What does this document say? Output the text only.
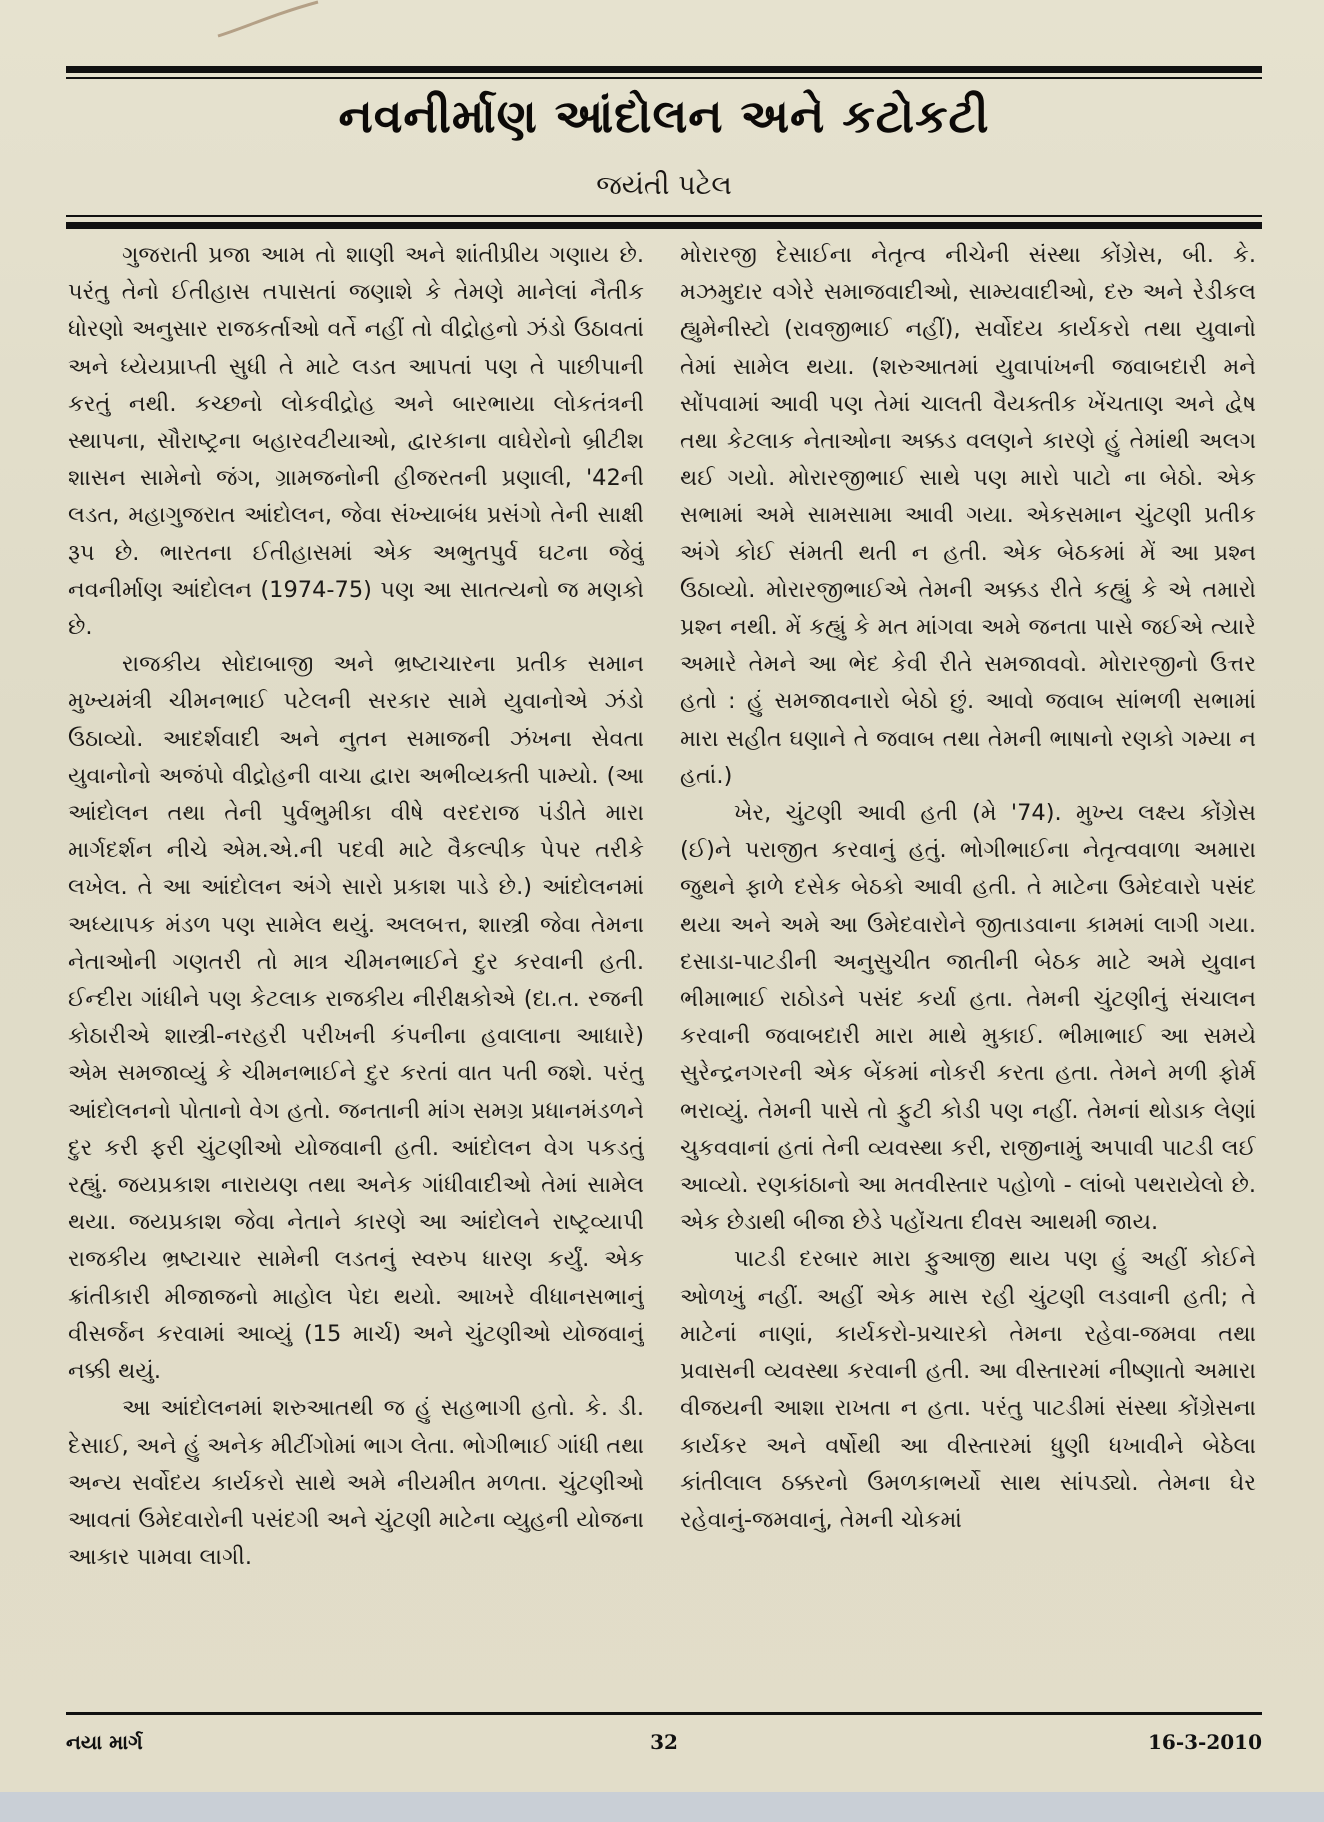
નવનીર્માણ આંદોલન અને કટોકટી
જયંતી પટેલ

ગુજરાતી પ્રજા આમ તો શાણી અને શાંતીપ્રીય ગણાય છે. પરંતુ તેનો ઈતીહાસ તપાસતાં જણાશે કે તેમણે માનેલાં નૈતીક ધોરણો અનુસાર રાજકર્તાઓ વર્તે નહીં તો વીદ્રોહનો ઝંડો ઉઠાવતાં અને ધ્યેયપ્રાપ્તી સુધી તે માટે લડત આપતાં પણ તે પાછીપાની કરતું નથી. કચ્છનો લોકવીદ્રોહ અને બારભાયા લોકતંત્રની સ્થાપના, સૌરાષ્ટ્રના બહારવટીયાઓ, દ્વારકાના વાઘેરોનો બ્રીટીશ શાસન સામેનો જંગ, ગ્રામજનોની હીજરતની પ્રણાલી, '42ની લડત, મહાગુજરાત આંદોલન, જેવા સંખ્યાબંધ પ્રસંગો તેની સાક્ષી રૂપ છે. ભારતના ઈતીહાસમાં એક અભુતપુર્વ ઘટના જેવું નવનીર્માણ આંદોલન (1974-75) પણ આ સાતત્યનો જ મણકો છે.

રાજકીય સોદાબાજી અને ભ્રષ્ટાચારના પ્રતીક સમાન મુખ્યમંત્રી ચીમનભાઈ પટેલની સરકાર સામે યુવાનોએ ઝંડો ઉઠાવ્યો. આદર્શવાદી અને નુતન સમાજની ઝંખના સેવતા યુવાનોનો અજંપો વીદ્રોહની વાચા દ્વારા અભીવ્યક્તી પામ્યો. (આ આંદોલન તથા તેની પુર્વભુમીકા વીષે વરદરાજ પંડીતે મારા માર્ગદર્શન નીચે એમ.એ.ની પદવી માટે વૈકલ્પીક પેપર તરીકે લખેલ. તે આ આંદોલન અંગે સારો પ્રકાશ પાડે છે.) આંદોલનમાં અધ્યાપક મંડળ પણ સામેલ થયું. અલબત્ત, શાસ્ત્રી જેવા તેમના નેતાઓની ગણતરી તો માત્ર ચીમનભાઈને દુર કરવાની હતી. ઈન્દીરા ગાંધીને પણ કેટલાક રાજકીય નીરીક્ષકોએ (દા.ત. રજની કોઠારીએ શાસ્ત્રી-નરહરી પરીખની કંપનીના હવાલાના આધારે) એમ સમજાવ્યું કે ચીમનભાઈને દુર કરતાં વાત પતી જશે. પરંતુ આંદોલનનો પોતાનો વેગ હતો. જનતાની માંગ સમગ્ર પ્રધાનમંડળને દુર કરી ફરી ચુંટણીઓ યોજવાની હતી. આંદોલન વેગ પકડતું રહ્યું. જયપ્રકાશ નારાયણ તથા અનેક ગાંધીવાદીઓ તેમાં સામેલ થયા. જયપ્રકાશ જેવા નેતાને કારણે આ આંદોલને રાષ્ટ્રવ્યાપી રાજકીય ભ્રષ્ટાચાર સામેની લડતનું સ્વરુપ ધારણ કર્યું. એક ક્રાંતીકારી મીજાજનો માહોલ પેદા થયો. આખરે વીધાનસભાનું વીસર્જન કરવામાં આવ્યું (15 માર્ચ) અને ચુંટણીઓ યોજવાનું નક્કી થયું.

આ આંદોલનમાં શરુઆતથી જ હું સહભાગી હતો. કે. ડી. દેસાઈ, અને હું અનેક મીટીંગોમાં ભાગ લેતા. ભોગીભાઈ ગાંધી તથા અન્ય સર્વોદય કાર્યકરો સાથે અમે નીયમીત મળતા. ચુંટણીઓ આવતાં ઉમેદવારોની પસંદગી અને ચુંટણી માટેના વ્યુહની યોજના આકાર પામવા લાગી.

મોરારજી દેસાઈના નેતૃત્વ નીચેની સંસ્થા કોંગ્રેસ, બી. કે. મઝમુદાર વગેરે સમાજવાદીઓ, સામ્યવાદીઓ, દરુ અને રેડીકલ હ્યુમેનીસ્ટો (રાવજીભાઈ નહીં), સર્વોદય કાર્યકરો તથા યુવાનો તેમાં સામેલ થયા. (શરુઆતમાં યુવાપાંખની જવાબદારી મને સોંપવામાં આવી પણ તેમાં ચાલતી વૈયક્તીક ખેંચતાણ અને દ્વેષ તથા કેટલાક નેતાઓના અક્કડ વલણને કારણે હું તેમાંથી અલગ થઈ ગયો. મોરારજીભાઈ સાથે પણ મારો પાટો ના બેઠો. એક સભામાં અમે સામસામા આવી ગયા. એકસમાન ચુંટણી પ્રતીક અંગે કોઈ સંમતી થતી ન હતી. એક બેઠકમાં મેં આ પ્રશ્ન ઉઠાવ્યો. મોરારજીભાઈએ તેમની અક્કડ રીતે કહ્યું કે એ તમારો પ્રશ્ન નથી. મેં કહ્યું કે મત માંગવા અમે જનતા પાસે જઈએ ત્યારે અમારે તેમને આ ભેદ કેવી રીતે સમજાવવો. મોરારજીનો ઉત્તર હતો : હું સમજાવનારો બેઠો છું. આવો જવાબ સાંભળી સભામાં મારા સહીત ઘણાને તે જવાબ તથા તેમની ભાષાનો રણકો ગમ્યા ન હતાં.)

ખેર, ચુંટણી આવી હતી (મે '74). મુખ્ય લક્ષ્ય કોંગ્રેસ (ઈ)ને પરાજીત કરવાનું હતું. ભોગીભાઈના નેતૃત્વવાળા અમારા જુથને ફાળે દસેક બેઠકો આવી હતી. તે માટેના ઉમેદવારો પસંદ થયા અને અમે આ ઉમેદવારોને જીતાડવાના કામમાં લાગી ગયા. દસાડા-પાટડીની અનુસુચીત જાતીની બેઠક માટે અમે યુવાન ભીમાભાઈ રાઠોડને પસંદ કર્યા હતા. તેમની ચુંટણીનું સંચાલન કરવાની જવાબદારી મારા માથે મુકાઈ. ભીમાભાઈ આ સમયે સુરેન્દ્રનગરની એક બેંકમાં નોકરી કરતા હતા. તેમને મળી ફોર્મ ભરાવ્યું. તેમની પાસે તો ફુટી કોડી પણ નહીં. તેમનાં થોડાક લેણાં ચુકવવાનાં હતાં તેની વ્યવસ્થા કરી, રાજીનામું અપાવી પાટડી લઈ આવ્યો. રણકાંઠાનો આ મતવીસ્તાર પહોળો - લાંબો પથરાયેલો છે. એક છેડાથી બીજા છેડે પહોંચતા દીવસ આથમી જાય.

પાટડી દરબાર મારા ફુઆજી થાય પણ હું અહીં કોઈને ઓળખું નહીં. અહીં એક માસ રહી ચુંટણી લડવાની હતી; તે માટેનાં નાણાં, કાર્યકરો-પ્રચારકો તેમના રહેવા-જમવા તથા પ્રવાસની વ્યવસ્થા કરવાની હતી. આ વીસ્તારમાં નીષ્ણાતો અમારા વીજયની આશા રાખતા ન હતા. પરંતુ પાટડીમાં સંસ્થા કોંગ્રેસના કાર્યકર અને વર્ષોથી આ વીસ્તારમાં ધુણી ધખાવીને બેઠેલા કાંતીલાલ ઠક્કરનો ઉમળકાભર્યો સાથ સાંપડ્યો. તેમના ઘેર રહેવાનું-જમવાનું, તેમની ચોકમાં

નયા માર્ગ	32	16-3-2010
